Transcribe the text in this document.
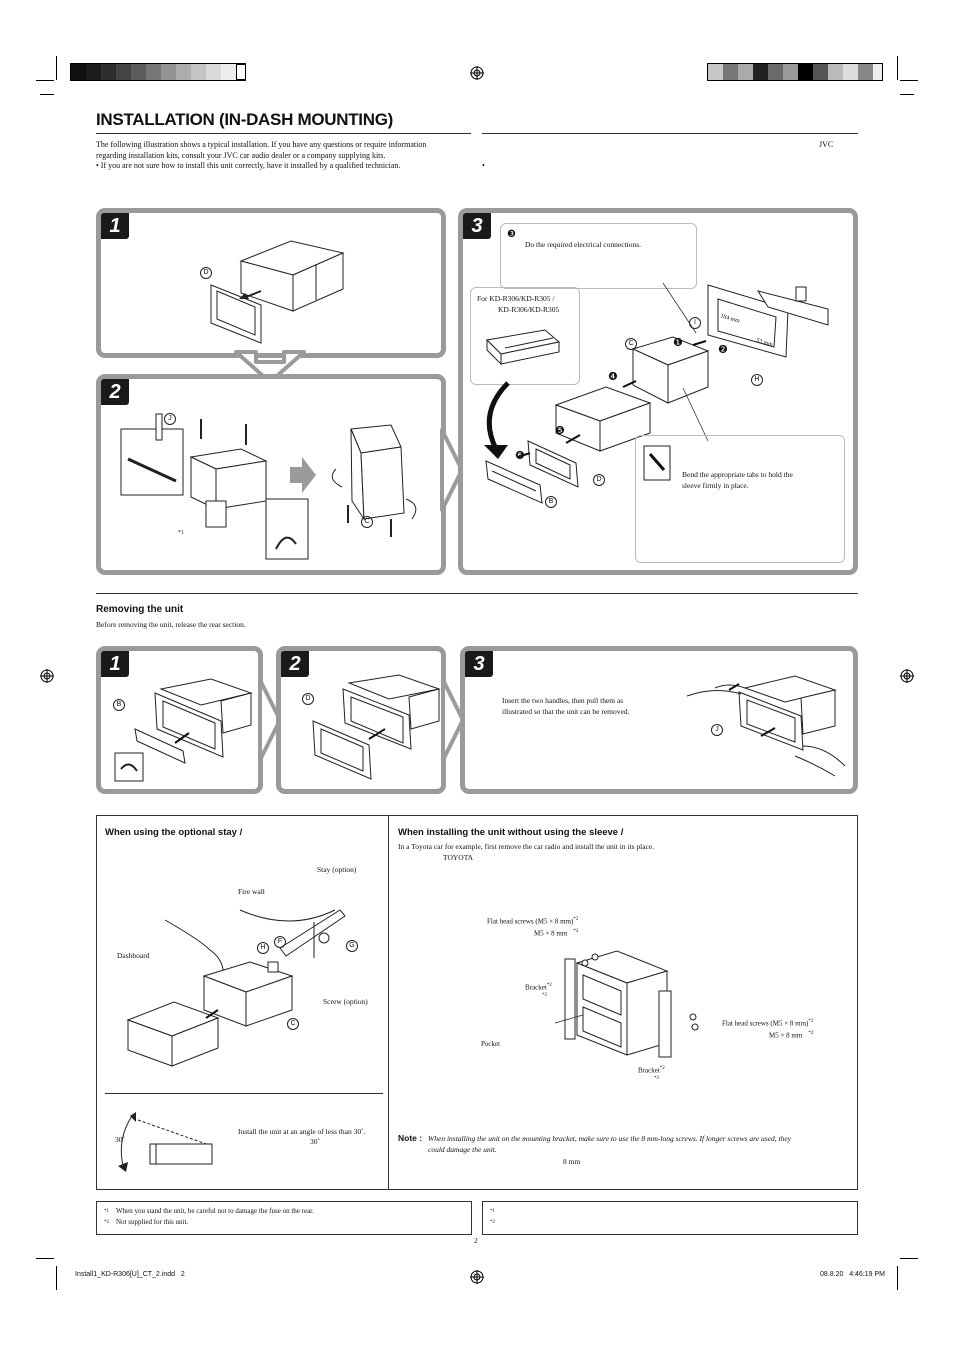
INSTALLATION (IN-DASH MOUNTING)
The following illustration shows a typical installation. If you have any questions or require information
regarding installation kits, consult your JVC car audio dealer or a company supplying kits.
• If you are not sure how to install this unit correctly, have it installed by a qualified technician.
JVC
•
1
D
2
J
C
*1
3	❸
Do the required electrical connections.
For KD-R306/KD-R305 /
KD-R306/KD-R305
184 mm
53 mm
❶
❷
❹
❺
❻
C
I
H
D
B
Bend the appropriate tabs to hold the
sleeve firmly in place.
Removing the unit
Before removing the unit, release the rear section.
1
B
2
D
3
Insert the two handles, then pull them as
illustrated so that the unit can be removed.
J
When using the optional stay /
Stay (option)
Fire wall
Dashboard
Screw (option)
H
F
G
C
30˚
Install the unit at an angle of less than 30˚.
30˚
When installing the unit without using the sleeve /
In a Toyota car for example, first remove the car radio and install the unit in its place.
TOYOTA
Flat head screws (M5 × 8 mm)$^{*2}$
M5 × 8 mm $^{*2}$
Bracket$^{*2}$
*2
Flat head screws (M5 × 8 mm)$^{*2}$
M5 × 8 mm $^{*2}$
Pocket
Bracket$^{*2}$
*2
Note : When installing the unit on the mounting bracket, make sure to use the 8 mm-long screws. If longer screws are used, they
could damage the unit.
8 mm
*1 When you stand the unit, be careful not to damage the fuse on the rear.
*2 Not supplied for this unit.
*1
*2
2
Install1_KD-R306[U]_CT_2.indd   2	08.8.20   4:46:19 PM
